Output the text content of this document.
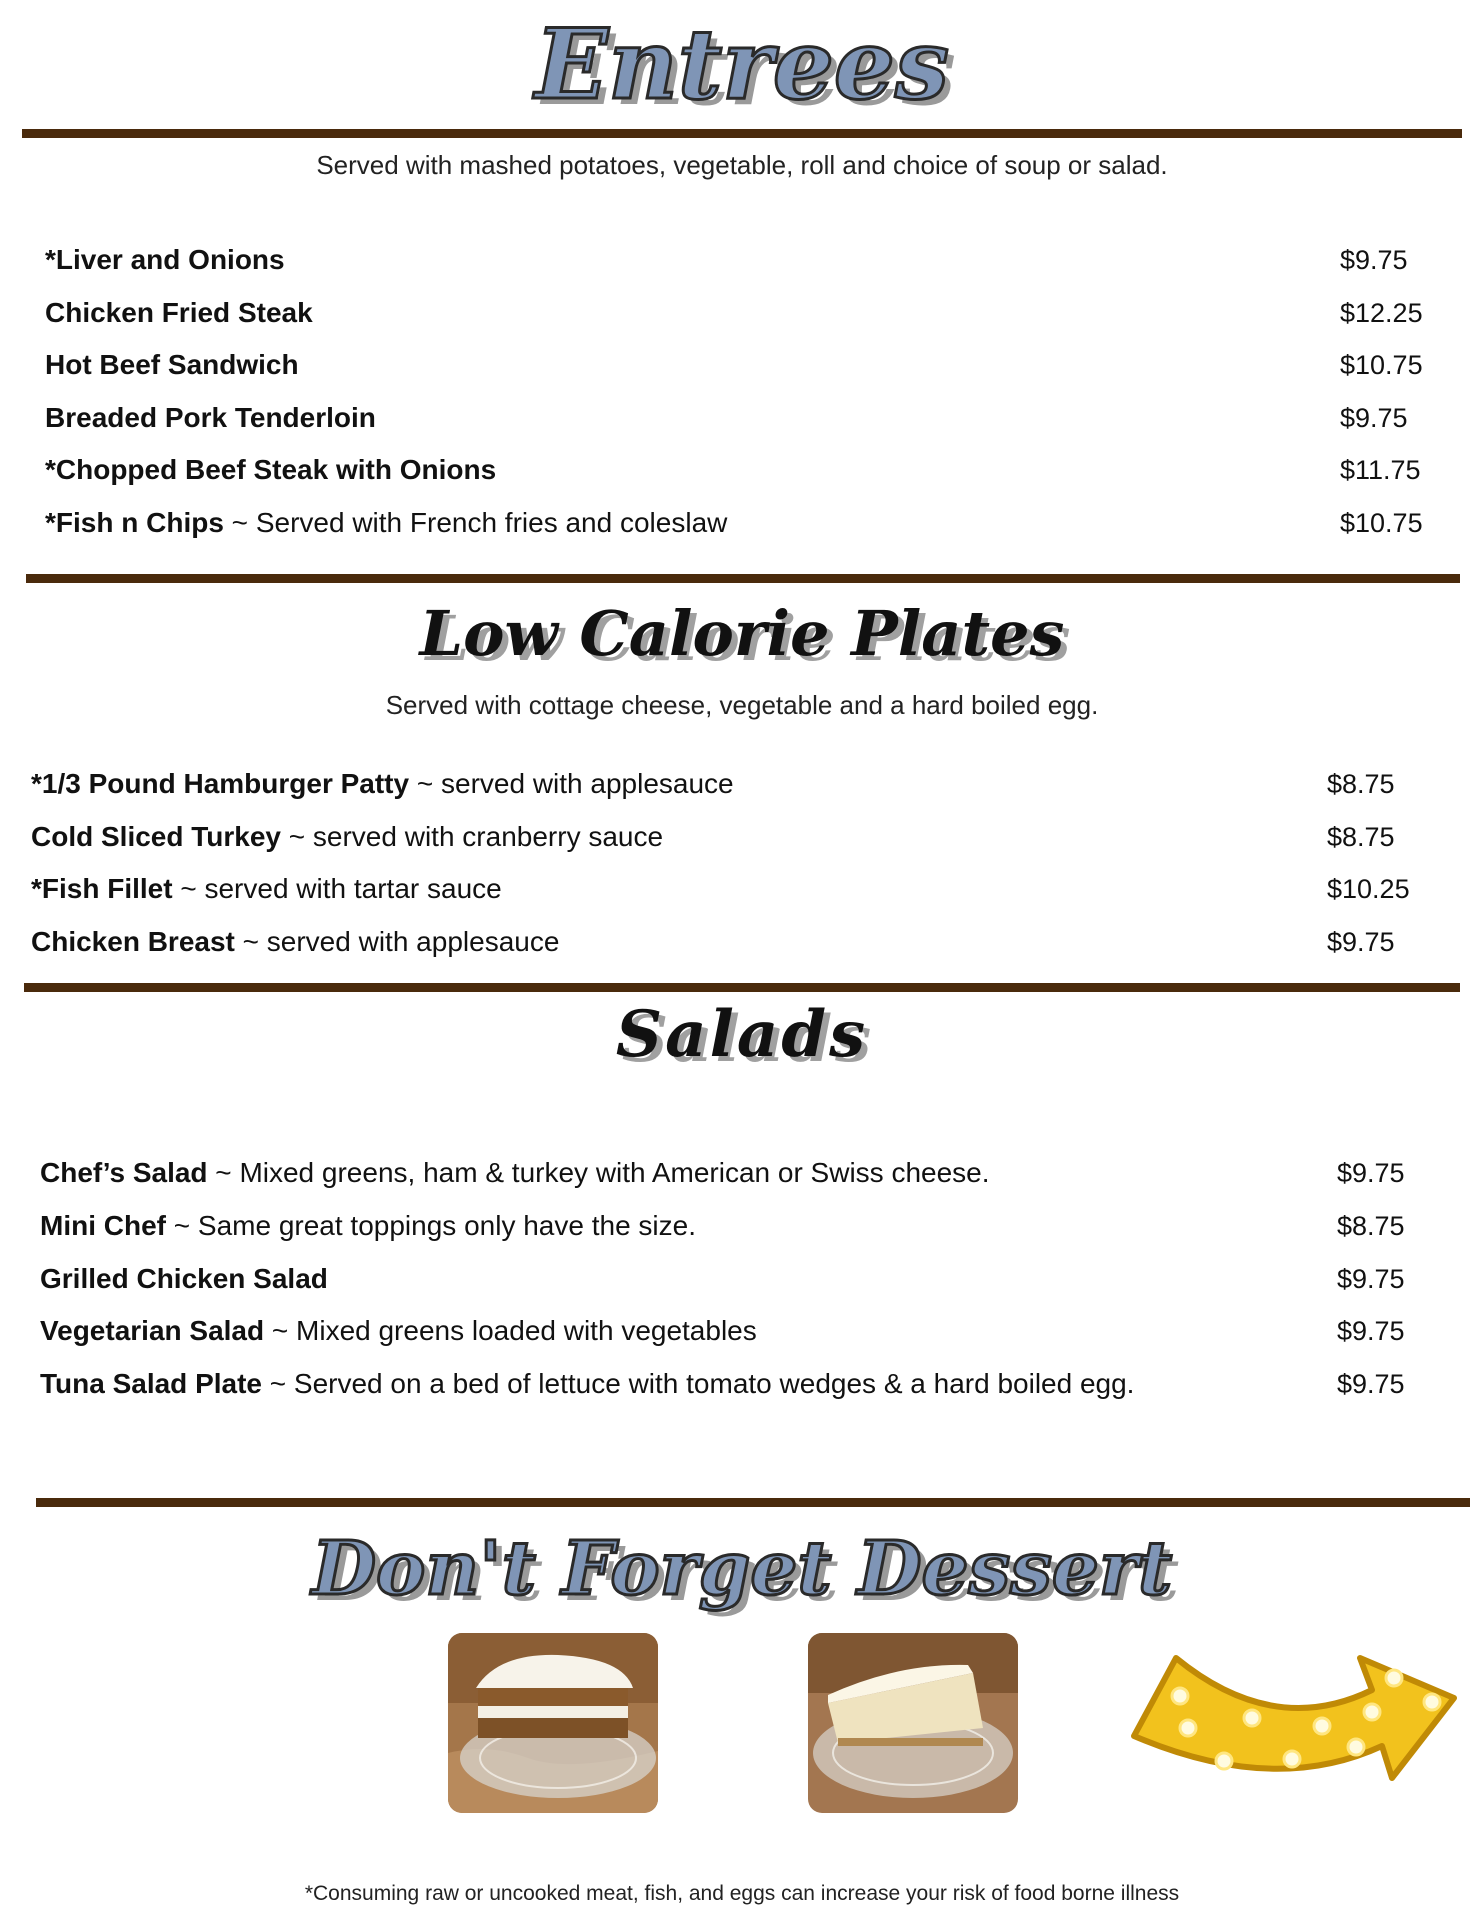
Entrees
Served with mashed potatoes, vegetable, roll and choice of soup or salad.
*Liver and Onions	$9.75
Chicken Fried Steak	$12.25
Hot Beef Sandwich	$10.75
Breaded Pork Tenderloin	$9.75
*Chopped Beef Steak with Onions	$11.75
*Fish n Chips ~ Served with French fries and coleslaw	$10.75
Low Calorie Plates
Served with cottage cheese, vegetable and a hard boiled egg.
*1/3 Pound Hamburger Patty ~ served with applesauce	$8.75
Cold Sliced Turkey ~ served with cranberry sauce	$8.75
*Fish Fillet ~ served with tartar sauce	$10.25
Chicken Breast ~ served with applesauce	$9.75
Salads
Chef’s Salad ~ Mixed greens, ham & turkey with American or Swiss cheese.	$9.75
Mini Chef ~ Same great toppings only have the size.	$8.75
Grilled Chicken Salad	$9.75
Vegetarian Salad ~ Mixed greens loaded with vegetables	$9.75
Tuna Salad Plate ~ Served on a bed of lettuce with tomato wedges & a hard boiled egg.	$9.75
Don't Forget Dessert
*Consuming raw or uncooked meat, fish, and eggs can increase your risk of food borne illness
